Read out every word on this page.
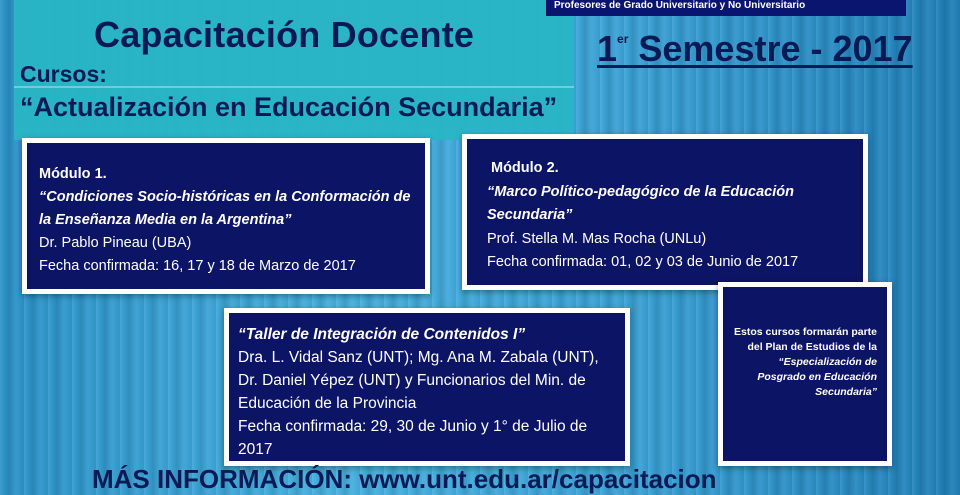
Profesores de Grado Universitario y No Universitario
Capacitación Docente

Cursos:

“Actualización en Educación Secundaria”

1er Semestre - 2017

Módulo 1.

“Condiciones Socio-históricas en la Conformación de la Enseñanza Media en la Argentina”

Dr. Pablo Pineau (UBA)

Fecha confirmada: 16, 17 y 18 de Marzo de 2017

Módulo 2.

“Marco Político-pedagógico de la Educación Secundaria”

Prof. Stella M. Mas Rocha (UNLu)

Fecha confirmada: 01, 02 y 03 de Junio de 2017

“Taller de Integración de Contenidos I”

Dra. L. Vidal Sanz (UNT); Mg. Ana M. Zabala (UNT), Dr. Daniel Yépez (UNT) y Funcionarios del Min. de Educación de la Provincia

Fecha confirmada: 29, 30 de Junio y 1° de Julio de 2017

Estos cursos formarán parte del Plan de Estudios de la

“Especialización de Posgrado en Educación Secundaria”

MÁS INFORMACIÓN: www.unt.edu.ar/capacitacion
